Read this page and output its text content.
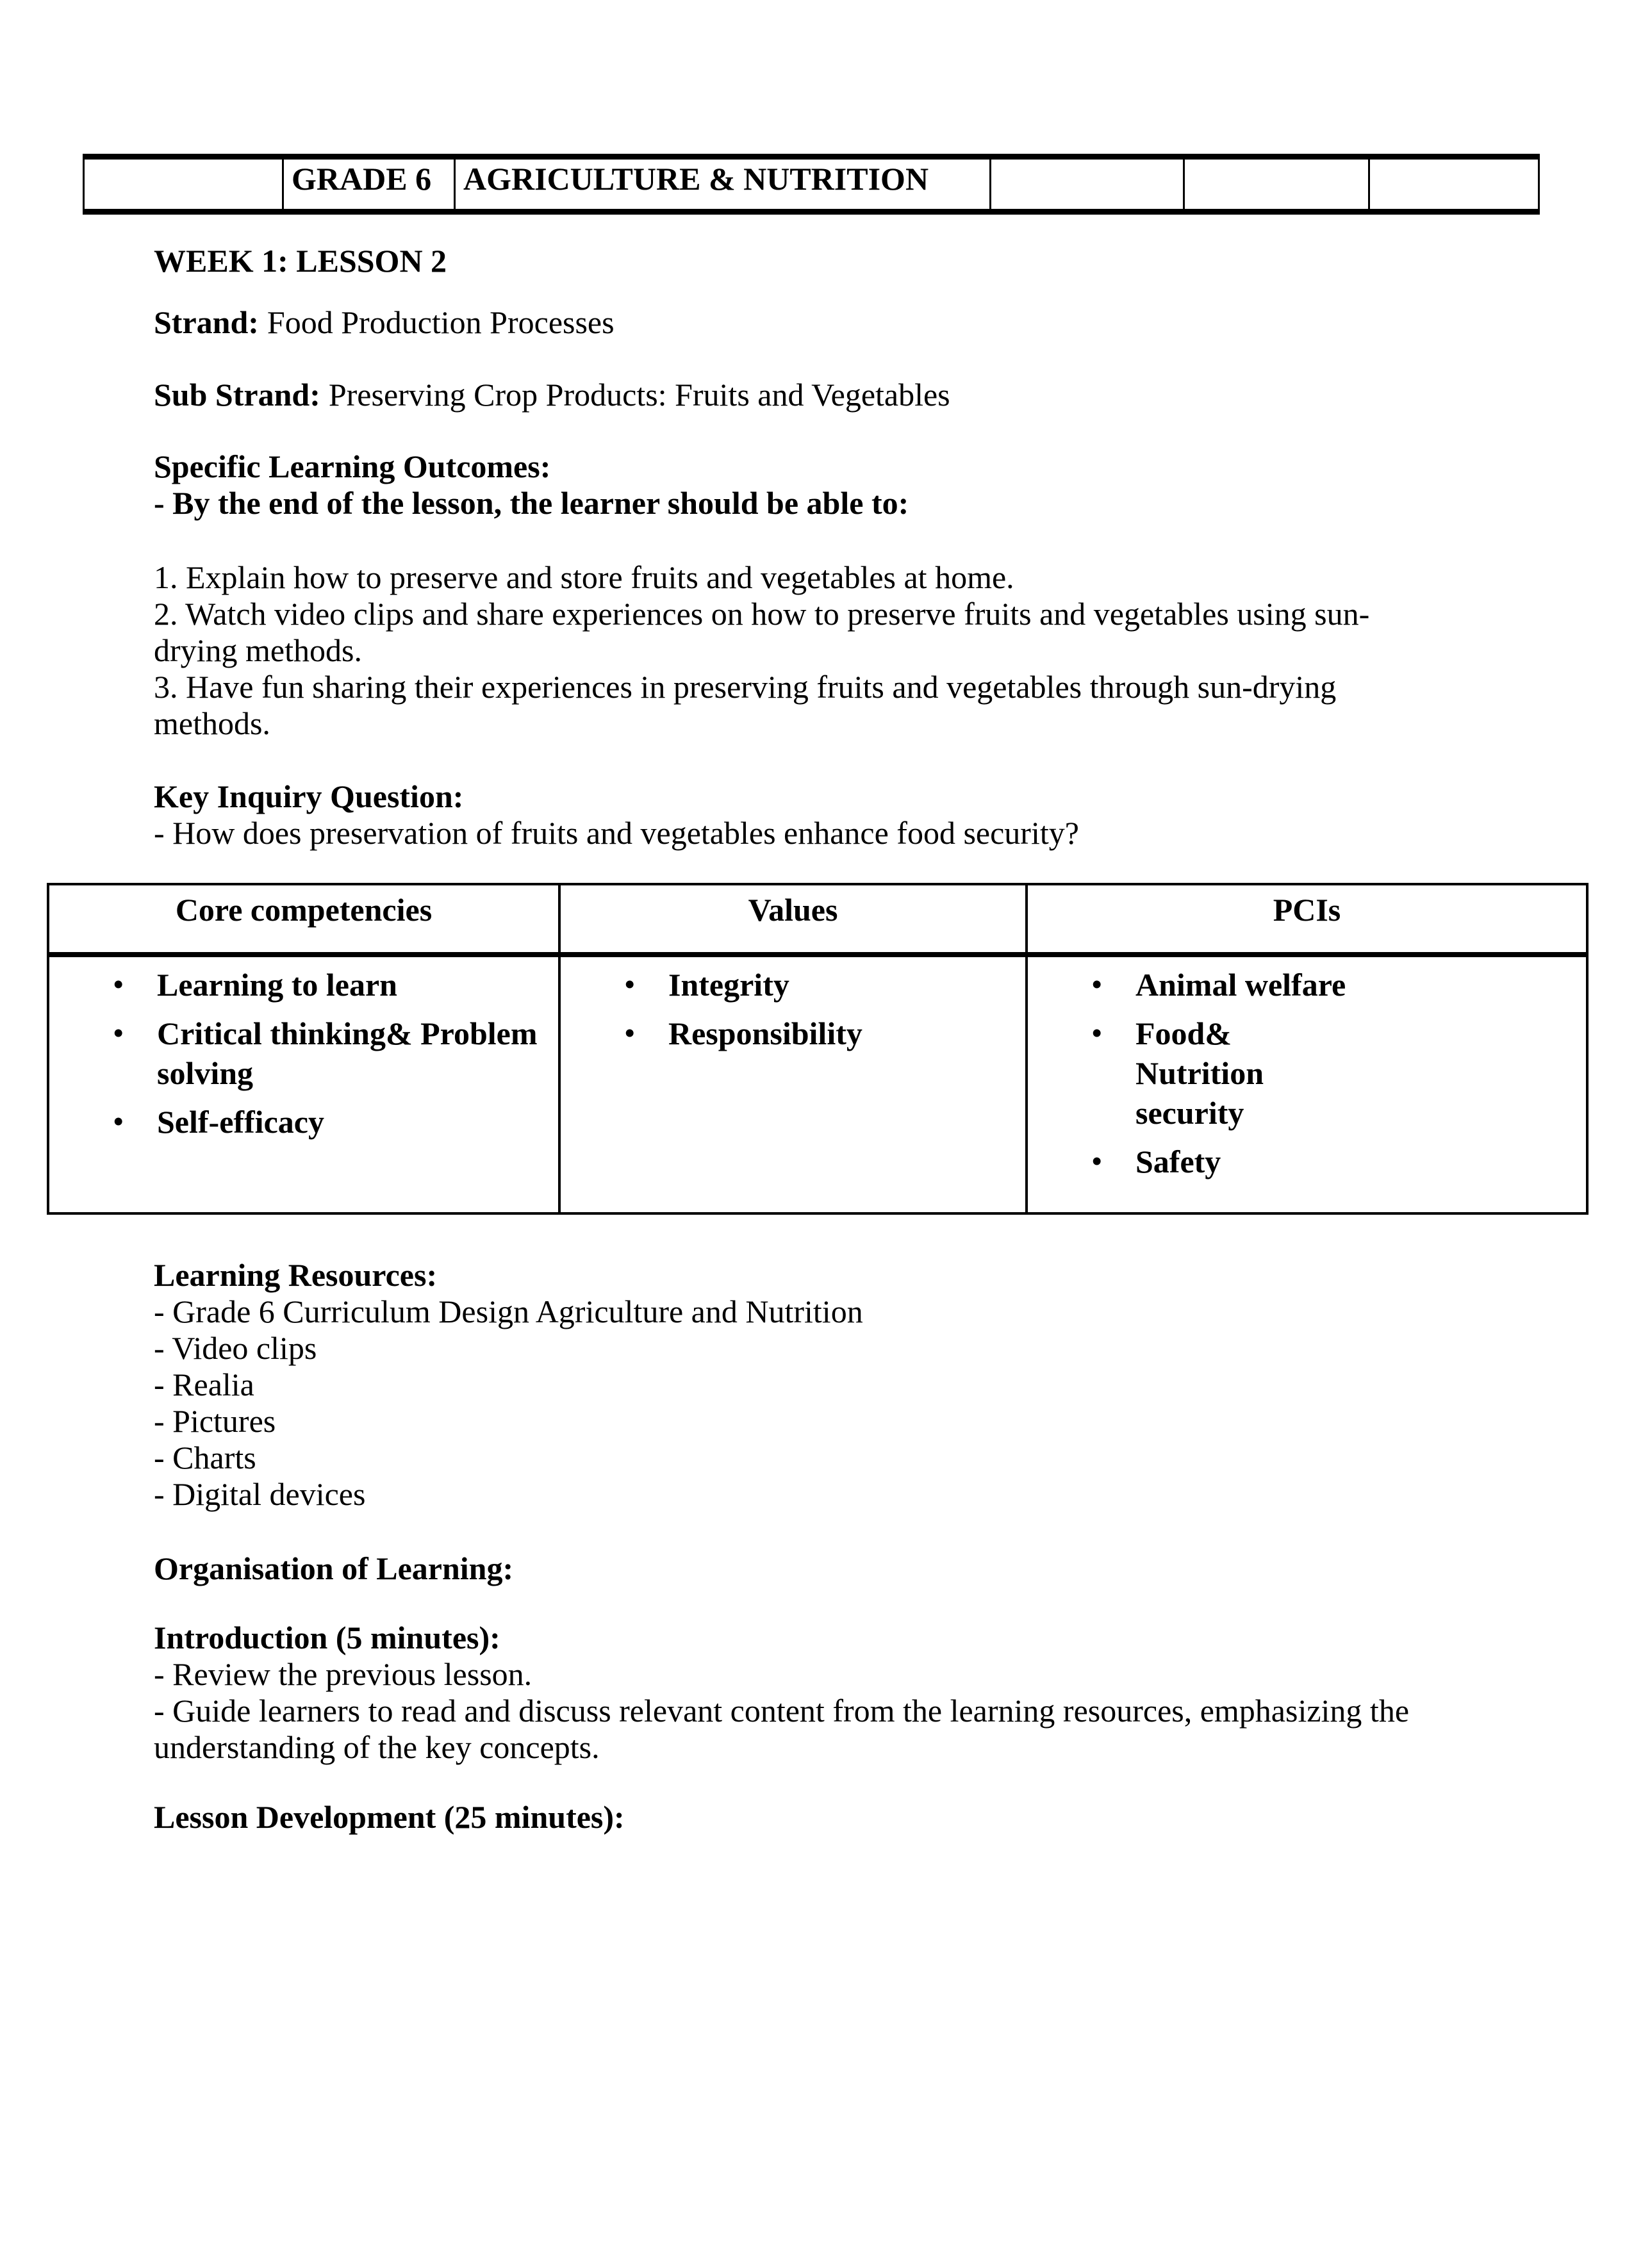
	GRADE 6	AGRICULTURE & NUTRITION			
WEEK 1: LESSON 2
Strand: Food Production Processes
Sub Strand: Preserving Crop Products: Fruits and Vegetables
Specific Learning Outcomes:
- By the end of the lesson, the learner should be able to:
1. Explain how to preserve and store fruits and vegetables at home.
2. Watch video clips and share experiences on how to preserve fruits and vegetables using sun-
drying methods.
3. Have fun sharing their experiences in preserving fruits and vegetables through sun-drying
methods.
Key Inquiry Question:
- How does preservation of fruits and vegetables enhance food security?
Core competencies	Values	PCIs

•	Learning to learn
•	Critical thinking& Problem
solving
•	Self-efficacy

•	Integrity
•	Responsibility

•	Animal welfare
•	Food&
Nutrition
security
•	Safety
Learning Resources:
- Grade 6 Curriculum Design Agriculture and Nutrition
- Video clips
- Realia
- Pictures
- Charts
- Digital devices
Organisation of Learning:
Introduction (5 minutes):
- Review the previous lesson.
- Guide learners to read and discuss relevant content from the learning resources, emphasizing the
understanding of the key concepts.
Lesson Development (25 minutes):
